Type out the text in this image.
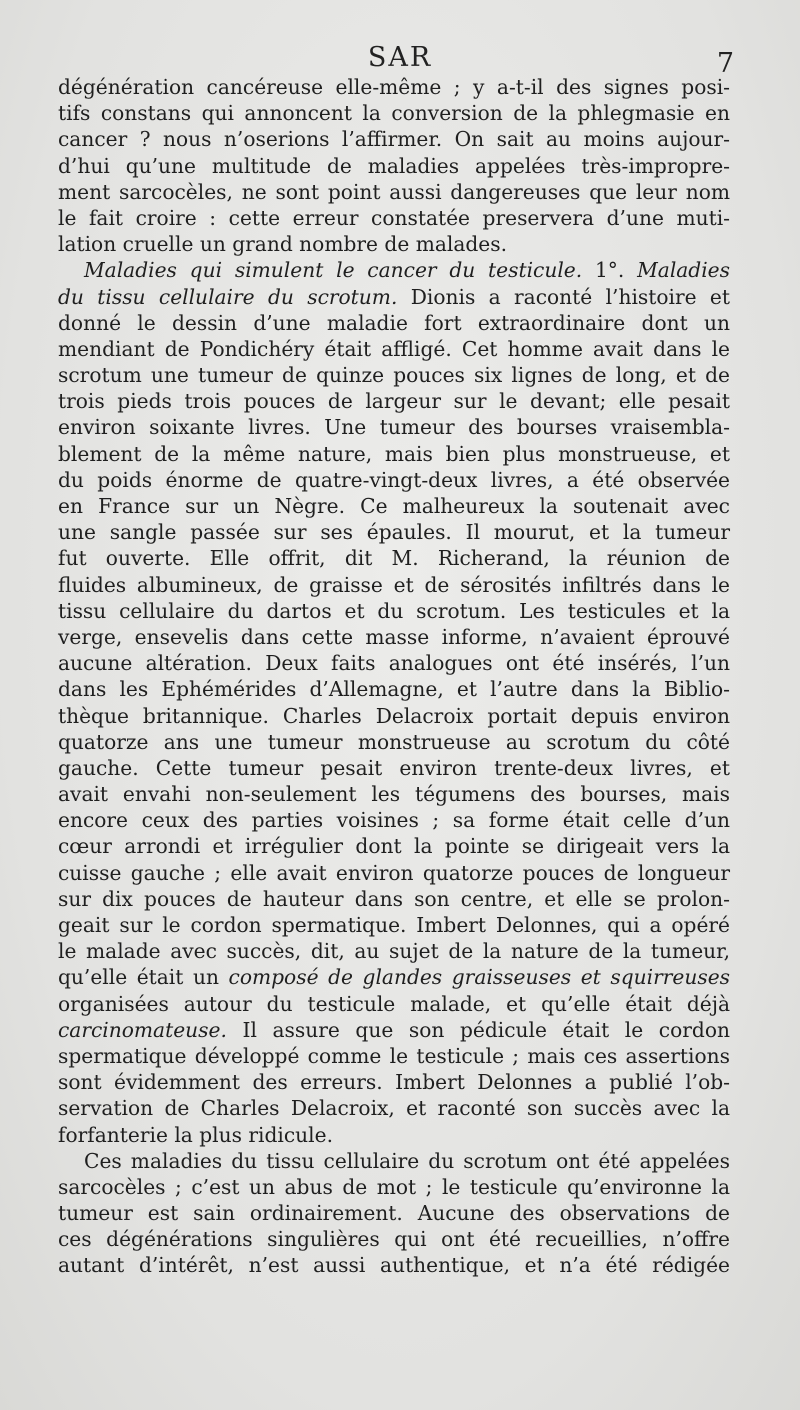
SAR	7
dégénération cancéreuse elle-même ; y a-t-il des signes posi-
tifs constans qui annoncent la conversion de la phlegmasie en
cancer ? nous n’oserions l’affirmer. On sait au moins aujour-
d’hui qu’une multitude de maladies appelées très-impropre-
ment sarcocèles, ne sont point aussi dangereuses que leur nom
le fait croire : cette erreur constatée preservera d’une muti-
lation cruelle un grand nombre de malades.
Maladies qui simulent le cancer du testicule. 1°. Maladies
du tissu cellulaire du scrotum. Dionis a raconté l’histoire et
donné le dessin d’une maladie fort extraordinaire dont un
mendiant de Pondichéry était affligé. Cet homme avait dans le
scrotum une tumeur de quinze pouces six lignes de long, et de
trois pieds trois pouces de largeur sur le devant; elle pesait
environ soixante livres. Une tumeur des bourses vraisembla-
blement de la même nature, mais bien plus monstrueuse, et
du poids énorme de quatre-vingt-deux livres, a été observée
en France sur un Nègre. Ce malheureux la soutenait avec
une sangle passée sur ses épaules. Il mourut, et la tumeur
fut ouverte. Elle offrit, dit M. Richerand, la réunion de
fluides albumineux, de graisse et de sérosités infiltrés dans le
tissu cellulaire du dartos et du scrotum. Les testicules et la
verge, ensevelis dans cette masse informe, n’avaient éprouvé
aucune altération. Deux faits analogues ont été insérés, l’un
dans les Ephémérides d’Allemagne, et l’autre dans la Biblio-
thèque britannique. Charles Delacroix portait depuis environ
quatorze ans une tumeur monstrueuse au scrotum du côté
gauche. Cette tumeur pesait environ trente-deux livres, et
avait envahi non-seulement les tégumens des bourses, mais
encore ceux des parties voisines ; sa forme était celle d’un
cœur arrondi et irrégulier dont la pointe se dirigeait vers la
cuisse gauche ; elle avait environ quatorze pouces de longueur
sur dix pouces de hauteur dans son centre, et elle se prolon-
geait sur le cordon spermatique. Imbert Delonnes, qui a opéré
le malade avec succès, dit, au sujet de la nature de la tumeur,
qu’elle était un composé de glandes graisseuses et squirreuses
organisées autour du testicule malade, et qu’elle était déjà
carcinomateuse. Il assure que son pédicule était le cordon
spermatique développé comme le testicule ; mais ces assertions
sont évidemment des erreurs. Imbert Delonnes a publié l’ob-
servation de Charles Delacroix, et raconté son succès avec la
forfanterie la plus ridicule.
Ces maladies du tissu cellulaire du scrotum ont été appelées
sarcocèles ; c’est un abus de mot ; le testicule qu’environne la
tumeur est sain ordinairement. Aucune des observations de
ces dégénérations singulières qui ont été recueillies, n’offre
autant d’intérêt, n’est aussi authentique, et n’a été rédigée
